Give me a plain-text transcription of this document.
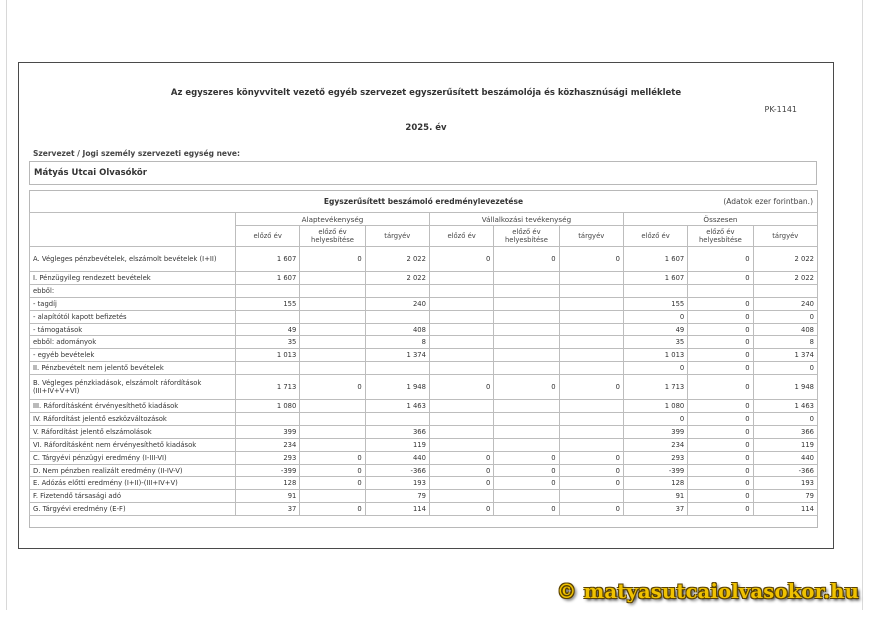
Az egyszeres könyvvitelt vezető egyéb szervezet egyszerűsített beszámolója és közhasznúsági melléklete
PK-1141
2025. év
Szervezet / Jogi személy szervezeti egység neve:
Mátyás Utcai Olvasókör
Egyszerűsített beszámoló eredménylevezetése	(Adatok ezer forintban.)
	Alaptevékenység			Vállalkozási tevékenység			Összesen		
	előző év	előző év helyesbítése	tárgyév	előző év	előző év helyesbítése	tárgyév	előző év	előző év helyesbítése	tárgyév
A. Végleges pénzbevételek, elszámolt bevételek (I+II)	1 607	0	2 022	0	0	0	1 607	0	2 022
I. Pénzügyileg rendezett bevételek	1 607		2 022				1 607	0	2 022
ebből:									
- tagdíj	155		240				155	0	240
- alapítótól kapott befizetés							0	0	0
- támogatások	49		408				49	0	408
ebből: adományok	35		8				35	0	8
- egyéb bevételek	1 013		1 374				1 013	0	1 374
II. Pénzbevételt nem jelentő bevételek							0	0	0
B. Végleges pénzkiadások, elszámolt ráfordítások (III+IV+V+VI)	1 713	0	1 948	0	0	0	1 713	0	1 948
III. Ráfordításként érvényesíthető kiadások	1 080		1 463				1 080	0	1 463
IV. Ráfordítást jelentő eszközváltozások							0	0	0
V. Ráfordítást jelentő elszámolások	399		366				399	0	366
VI. Ráfordításként nem érvényesíthető kiadások	234		119				234	0	119
C. Tárgyévi pénzügyi eredmény (I-III-VI)	293	0	440	0	0	0	293	0	440
D. Nem pénzben realizált eredmény (II-IV-V)	-399	0	-366	0	0	0	-399	0	-366
E. Adózás előtti eredmény (I+II)-(III+IV+V)	128	0	193	0	0	0	128	0	193
F. Fizetendő társasági adó	91		79				91	0	79
G. Tárgyévi eredmény (E-F)	37	0	114	0	0	0	37	0	114
© matyasutcaiolvasokor.hu
